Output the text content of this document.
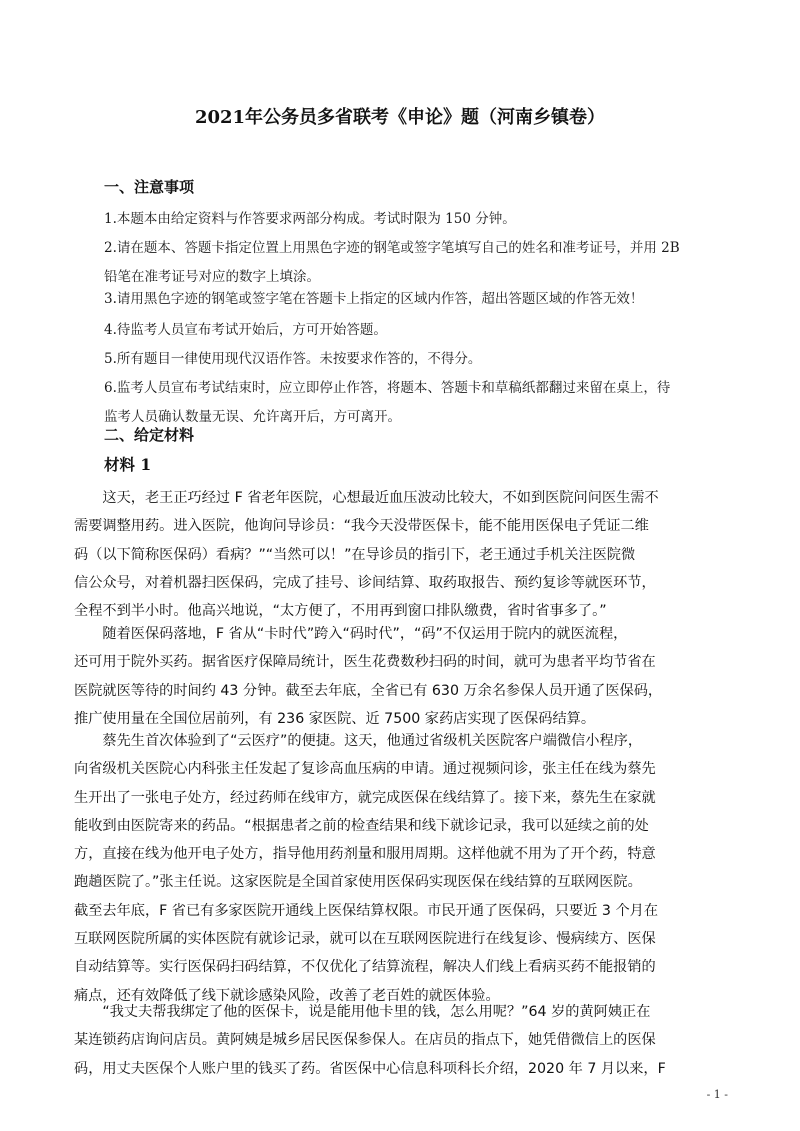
2021年公务员多省联考《申论》题（河南乡镇卷）
一、注意事项
1.本题本由给定资料与作答要求两部分构成。考试时限为 150 分钟。
2.请在题本、答题卡指定位置上用黑色字迹的钢笔或签字笔填写自己的姓名和准考证号，并用 2B
铅笔在准考证号对应的数字上填涂。
3.请用黑色字迹的钢笔或签字笔在答题卡上指定的区域内作答，超出答题区域的作答无效！
4.待监考人员宣布考试开始后，方可开始答题。
5.所有题目一律使用现代汉语作答。未按要求作答的，不得分。
6.监考人员宣布考试结束时，应立即停止作答，将题本、答题卡和草稿纸都翻过来留在桌上，待
监考人员确认数量无误、允许离开后，方可离开。
二、给定材料
材料 1
　　这天，老王正巧经过 F 省老年医院，心想最近血压波动比较大，不如到医院问问医生需不
需要调整用药。进入医院，他询问导诊员：“我今天没带医保卡，能不能用医保电子凭证二维
码（以下简称医保码）看病？”“当然可以！”在导诊员的指引下，老王通过手机关注医院微
信公众号，对着机器扫医保码，完成了挂号、诊间结算、取药取报告、预约复诊等就医环节，
全程不到半小时。他高兴地说，“太方便了，不用再到窗口排队缴费，省时省事多了。”
　　随着医保码落地，F 省从“卡时代”跨入“码时代”，“码”不仅运用于院内的就医流程，
还可用于院外买药。据省医疗保障局统计，医生花费数秒扫码的时间，就可为患者平均节省在
医院就医等待的时间约 43 分钟。截至去年底，全省已有 630 万余名参保人员开通了医保码，
推广使用量在全国位居前列，有 236 家医院、近 7500 家药店实现了医保码结算。
　　蔡先生首次体验到了“云医疗”的便捷。这天，他通过省级机关医院客户端微信小程序，
向省级机关医院心内科张主任发起了复诊高血压病的申请。通过视频问诊，张主任在线为蔡先
生开出了一张电子处方，经过药师在线审方，就完成医保在线结算了。接下来，蔡先生在家就
能收到由医院寄来的药品。“根据患者之前的检查结果和线下就诊记录，我可以延续之前的处
方，直接在线为他开电子处方，指导他用药剂量和服用周期。这样他就不用为了开个药，特意
跑趟医院了。”张主任说。这家医院是全国首家使用医保码实现医保在线结算的互联网医院。
截至去年底，F 省已有多家医院开通线上医保结算权限。市民开通了医保码，只要近 3 个月在
互联网医院所属的实体医院有就诊记录，就可以在互联网医院进行在线复诊、慢病续方、医保
自动结算等。实行医保码扫码结算，不仅优化了结算流程，解决人们线上看病买药不能报销的
痛点，还有效降低了线下就诊感染风险，改善了老百姓的就医体验。
　　“我丈夫帮我绑定了他的医保卡，说是能用他卡里的钱，怎么用呢？”64 岁的黄阿姨正在
某连锁药店询问店员。黄阿姨是城乡居民医保参保人。在店员的指点下，她凭借微信上的医保
码，用丈夫医保个人账户里的钱买了药。省医保中心信息科项科长介绍，2020 年 7 月以来，F
- 1 -
